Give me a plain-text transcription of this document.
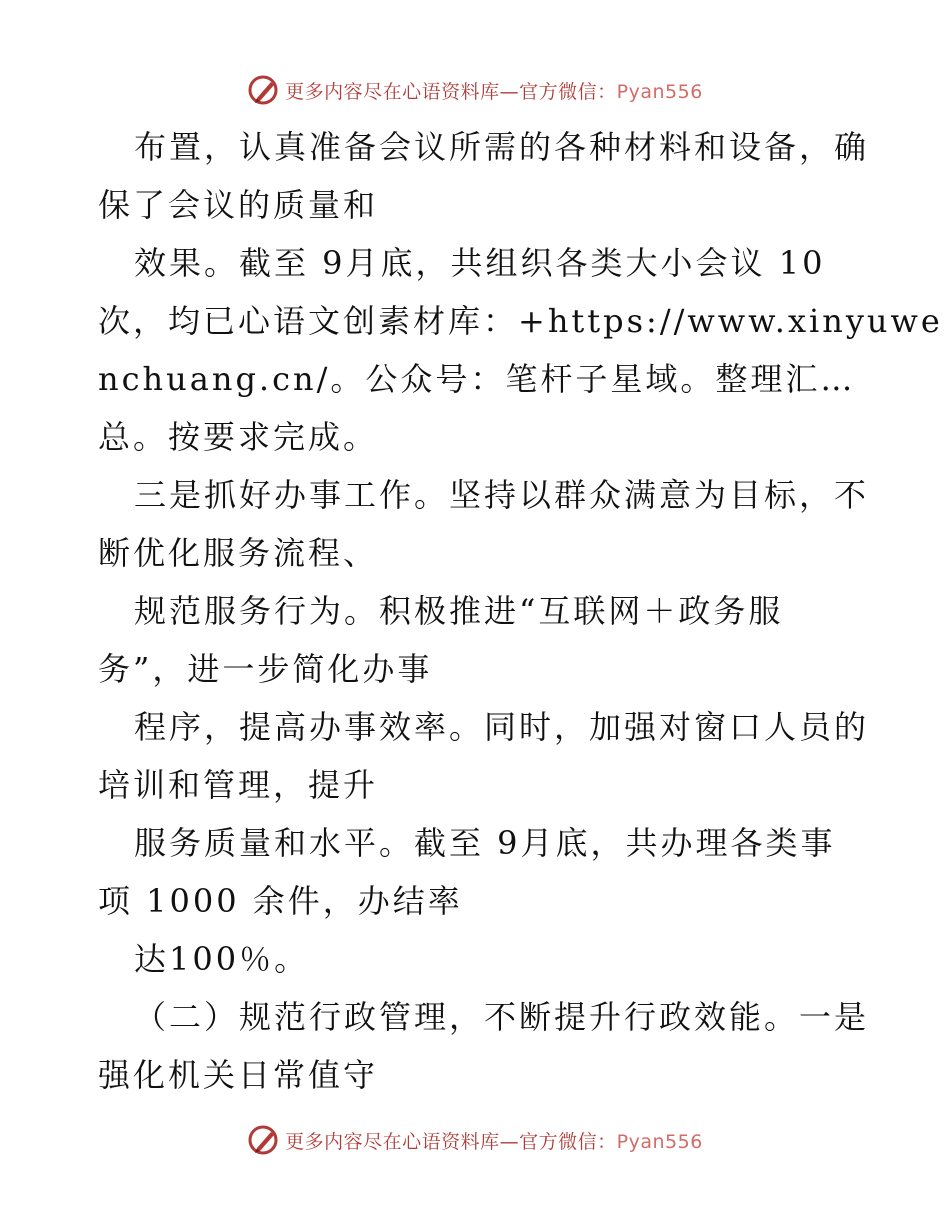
更多内容尽在心语资料库—官方微信：Pyan556
布置，认真准备会议所需的各种材料和设备，确
保了会议的质量和
效果。截至 9月底，共组织各类大小会议 10
次，均已心语文创素材库：+https://www.xinyuwe
nchuang.cn/。公众号：笔杆子星域。整理汇…
总。按要求完成。
三是抓好办事工作。坚持以群众满意为目标，不
断优化服务流程、
规范服务行为。积极推进“互联网＋政务服
务”，进一步简化办事
程序，提高办事效率。同时，加强对窗口人员的
培训和管理，提升
服务质量和水平。截至 9月底，共办理各类事
项 1000 余件，办结率
达100％。
（二）规范行政管理，不断提升行政效能。一是
强化机关日常值守
更多内容尽在心语资料库—官方微信：Pyan556
